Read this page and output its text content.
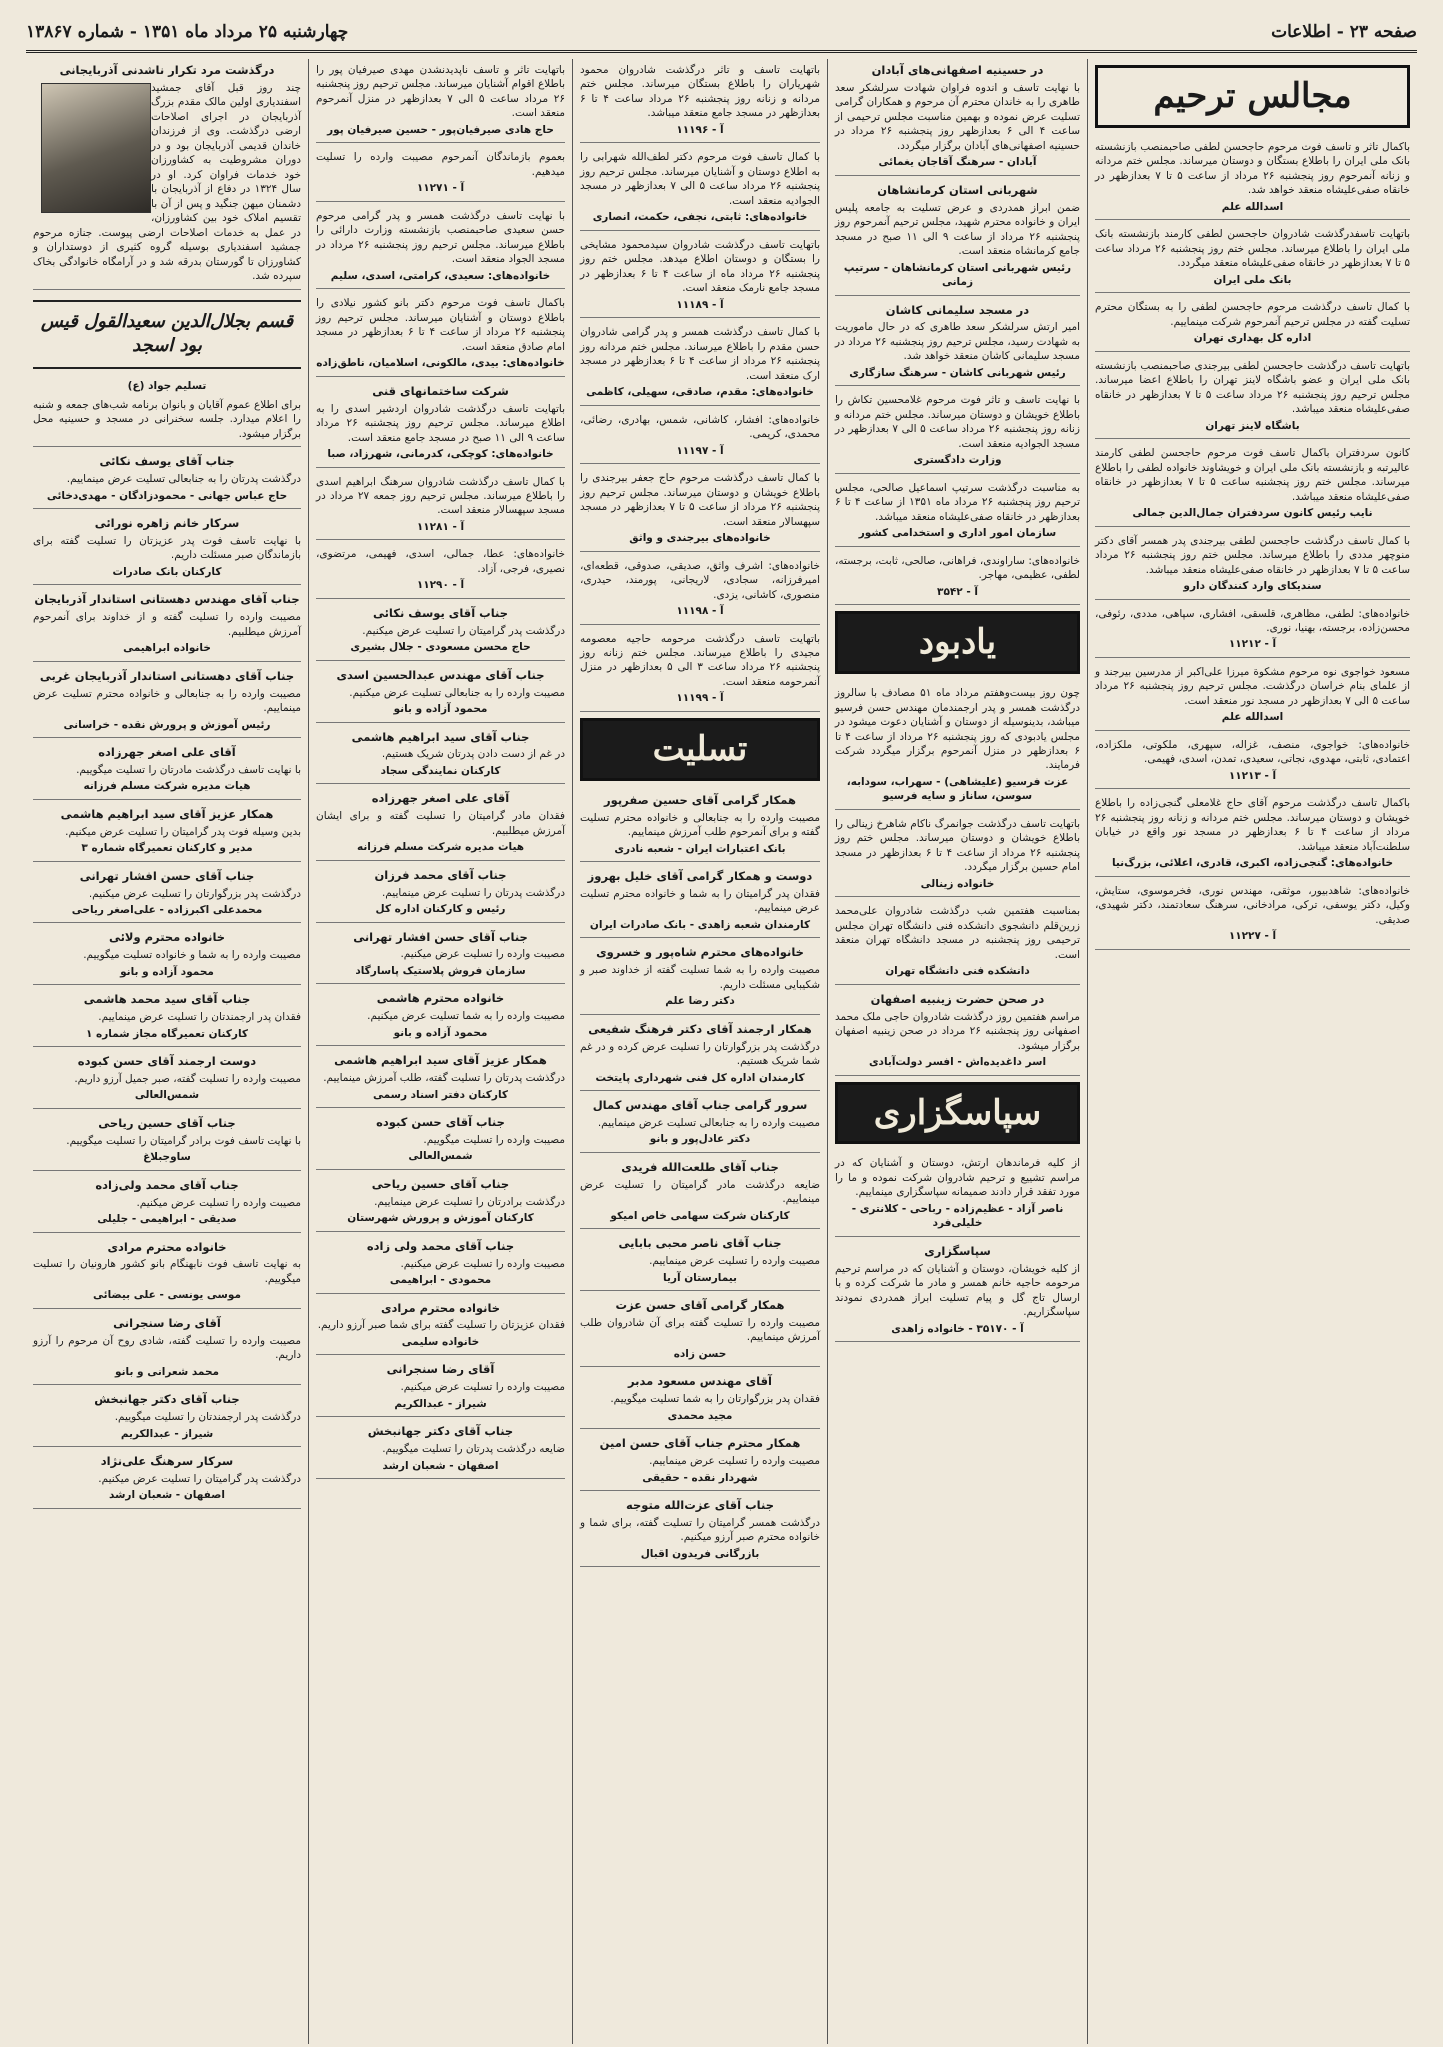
صفحه ۲۳ - اطلاعات
چهارشنبه ۲۵ مرداد ماه ۱۳۵۱ - شماره ۱۳۸۶۷
مجالس ترحیم

باکمال تاثر و تاسف فوت مرحوم حاجحسن لطفی صاحبمنصب بازنشسته بانک ملی ایران را باطلاع بستگان و دوستان میرساند. مجلس ختم مردانه و زنانه آنمرحوم روز پنجشنبه ۲۶ مرداد از ساعت ۵ تا ۷ بعدازظهر در خانقاه صفی‌علیشاه منعقد خواهد شد.

اسدالله علم

باتهایت تاسفدرگذشت شادروان حاجحسن لطفی کارمند بازنشسته بانک ملی ایران را باطلاع میرساند. مجلس ختم روز پنجشنبه ۲۶ مرداد ساعت ۵ تا ۷ بعدازظهر در خانقاه صفی‌علیشاه منعقد میگردد.

بانک ملی ایران

با کمال تاسف درگذشت مرحوم حاجحسن لطفی را به بستگان محترم تسلیت گفته در مجلس ترحیم آنمرحوم شرکت مینماییم.

اداره کل بهداری تهران

باتهایت تاسف درگذشت حاجحسن لطفی بیرجندی صاحبمنصب بازنشسته بانک ملی ایران و عضو باشگاه لاینز تهران را باطلاع اعضا میرساند. مجلس ترحیم روز پنجشنبه ۲۶ مرداد ساعت ۵ تا ۷ بعدازظهر در خانقاه صفی‌علیشاه منعقد میباشد.

باشگاه لاینز تهران

کانون سردفتران باکمال تاسف فوت مرحوم حاجحسن لطفی کارمند عالیرتبه و بازنشسته بانک ملی ایران و خویشاوند خانواده لطفی را باطلاع میرساند. مجلس ختم روز پنجشنبه ساعت ۵ تا ۷ بعدازظهر در خانقاه صفی‌علیشاه منعقد میباشد.

نایب رئیس کانون سردفتران جمال‌الدین جمالی

با کمال تاسف درگذشت حاجحسن لطفی بیرجندی پدر همسر آقای دکتر منوچهر مددی را باطلاع میرساند. مجلس ختم روز پنجشنبه ۲۶ مرداد ساعت ۵ تا ۷ بعدازظهر در خانقاه صفی‌علیشاه منعقد میباشد.

سندیکای وارد کنندگان دارو

خانواده‌های: لطفی، مظاهری، قلسقی، افشاری، سپاهی، مددی، رئوفی، محسن‌زاده، برجسته، بهنیا، نوری.

آ - ۱۱۲۱۲

مسعود خواجوی نوه مرحوم مشکوة میرزا علی‌اکبر از مدرسین بیرجند و از علمای بنام خراسان درگذشت. مجلس ترحیم روز پنجشنبه ۲۶ مرداد ساعت ۵ الی ۷ بعدازظهر در مسجد نور منعقد است.

اسدالله علم

خانواده‌های: خواجوی، منصف، غزاله، سپهری، ملکوتی، ملکزاده، اعتمادی، ثابتی، مهدوی، نجاتی، سعیدی، تمدن، اسدی، فهیمی.

آ - ۱۱۲۱۳

باکمال تاسف درگذشت مرحوم آقای حاج غلامعلی گنجی‌زاده را باطلاع خویشان و دوستان میرساند. مجلس ختم مردانه و زنانه روز پنجشنبه ۲۶ مرداد از ساعت ۴ تا ۶ بعدازظهر در مسجد نور واقع در خیابان سلطنت‌آباد منعقد میباشد.

خانواده‌های: گنجی‌زاده، اکبری، قادری، اعلائی، بزرگ‌نیا

خانواده‌های: شاهدبیور، موثقی، مهندس نوری، فخرموسوی، ستایش، وکیل، دکتر یوسفی، ترکی، مرادخانی، سرهنگ سعادتمند، دکتر شهیدی، صدیقی.

آ - ۱۱۲۲۷
در حسینیه اصفهانی‌های آبادان

با نهایت تاسف و اندوه فراوان شهادت سرلشکر سعد طاهری را به خاندان محترم آن مرحوم و همکاران گرامی تسلیت عرض نموده و بهمین مناسبت مجلس ترحیمی از ساعت ۴ الی ۶ بعدازظهر روز پنجشنبه ۲۶ مرداد در حسینیه اصفهانی‌های آبادان برگزار میگردد.

آبادان - سرهنگ آقاجان یغمائی
شهربانی استان کرمانشاهان

ضمن ابراز همدردی و عرض تسلیت به جامعه پلیس ایران و خانواده محترم شهید، مجلس ترحیم آنمرحوم روز پنجشنبه ۲۶ مرداد از ساعت ۹ الی ۱۱ صبح در مسجد جامع کرمانشاه منعقد است.

رئیس شهربانی استان کرمانشاهان - سرتیپ زمانی
در مسجد سلیمانی کاشان

امیر ارتش سرلشکر سعد طاهری که در حال ماموریت به شهادت رسید، مجلس ترحیم روز پنجشنبه ۲۶ مرداد در مسجد سلیمانی کاشان منعقد خواهد شد.

رئیس شهربانی کاشان - سرهنگ سازگاری

با نهایت تاسف و تاثر فوت مرحوم غلامحسین تکاش را باطلاع خویشان و دوستان میرساند. مجلس ختم مردانه و زنانه روز پنجشنبه ۲۶ مرداد ساعت ۵ الی ۷ بعدازظهر در مسجد الجوادیه منعقد است.

وزارت دادگستری

به مناسبت درگذشت سرتیپ اسماعیل صالحی، مجلس ترحیم روز پنجشنبه ۲۶ مرداد ماه ۱۳۵۱ از ساعت ۴ تا ۶ بعدازظهر در خانقاه صفی‌علیشاه منعقد میباشد.

سازمان امور اداری و استخدامی کشور

خانواده‌های: ساراوندی، فراهانی، صالحی، ثابت، برجسته، لطفی، عظیمی، مهاجر.

آ - ۳۵۴۲
یادبود

چون روز بیست‌وهفتم مرداد ماه ۵۱ مصادف با سالروز درگذشت همسر و پدر ارجمندمان مهندس حسن فرسیو میباشد، بدینوسیله از دوستان و آشنایان دعوت میشود در مجلس یادبودی که روز پنجشنبه ۲۶ مرداد از ساعت ۴ تا ۶ بعدازظهر در منزل آنمرحوم برگزار میگردد شرکت فرمایند.

عزت فرسیو (علیشاهی) - سهراب، سودابه، سوسن، ساناز و سایه فرسیو

باتهایت تاسف درگذشت جوانمرگ ناکام شاهرخ زینالی را باطلاع خویشان و دوستان میرساند. مجلس ختم روز پنجشنبه ۲۶ مرداد از ساعت ۴ تا ۶ بعدازظهر در مسجد امام حسین برگزار میگردد.

خانواده زینالی

بمناسبت هفتمین شب درگذشت شادروان علی‌محمد زرین‌قلم دانشجوی دانشکده فنی دانشگاه تهران مجلس ترحیمی روز پنجشنبه در مسجد دانشگاه تهران منعقد است.

دانشکده فنی دانشگاه تهران
در صحن حضرت زینبیه اصفهان

مراسم هفتمین روز درگذشت شادروان حاجی ملک محمد اصفهانی روز پنجشنبه ۲۶ مرداد در صحن زینبیه اصفهان برگزار میشود.

اسر داغدیده‌اش - افسر دولت‌آبادی
سپاسگزاری

از کلیه فرماندهان ارتش، دوستان و آشنایان که در مراسم تشییع و ترحیم شادروان شرکت نموده و ما را مورد تفقد قرار دادند صمیمانه سپاسگزاری مینماییم.

ناصر آزاد - عظیم‌زاده - رباحی - کلانتری - خلیلی‌فرد
سپاسگزاری

از کلیه خویشان، دوستان و آشنایان که در مراسم ترحیم مرحومه حاجیه خانم همسر و مادر ما شرکت کرده و با ارسال تاج گل و پیام تسلیت ابراز همدردی نمودند سپاسگزاریم.

آ - ۳۵۱۷۰ - خانواده زاهدی

باتهایت تاسف و تاثر درگذشت شادروان محمود شهریاران را باطلاع بستگان میرساند. مجلس ختم مردانه و زنانه روز پنجشنبه ۲۶ مرداد ساعت ۴ تا ۶ بعدازظهر در مسجد جامع منعقد میباشد.

آ - ۱۱۱۹۶

با کمال تاسف فوت مرحوم دکتر لطف‌الله شهرابی را به اطلاع دوستان و آشنایان میرساند. مجلس ترحیم روز پنجشنبه ۲۶ مرداد ساعت ۵ الی ۷ بعدازظهر در مسجد الجوادیه منعقد است.

خانواده‌های: ثابتی، نجفی، حکمت، انصاری

باتهایت تاسف درگذشت شادروان سیدمحمود مشایخی را بستگان و دوستان اطلاع میدهد. مجلس ختم روز پنجشنبه ۲۶ مرداد ماه از ساعت ۴ تا ۶ بعدازظهر در مسجد جامع نارمک منعقد است.

آ - ۱۱۱۸۹

با کمال تاسف درگذشت همسر و پدر گرامی شادروان حسن مقدم را باطلاع میرساند. مجلس ختم مردانه روز پنجشنبه ۲۶ مرداد از ساعت ۴ تا ۶ بعدازظهر در مسجد ارک منعقد است.

خانواده‌های: مقدم، صادقی، سهیلی، کاظمی

خانواده‌های: افشار، کاشانی، شمس، بهادری، رضائی، محمدی، کریمی.

آ - ۱۱۱۹۷

با کمال تاسف درگذشت مرحوم حاج جعفر بیرجندی را باطلاع خویشان و دوستان میرساند. مجلس ترحیم روز پنجشنبه ۲۶ مرداد از ساعت ۵ تا ۷ بعدازظهر در مسجد سپهسالار منعقد است.

خانواده‌های بیرجندی و واثق

خانواده‌های: اشرف واثق، صدیقی، صدوقی، قطعه‌ای، امیرفرزانه، سجادی، لاریجانی، پورمند، حیدری، منصوری، کاشانی، یزدی.

آ - ۱۱۱۹۸

باتهایت تاسف درگذشت مرحومه حاجیه معصومه مجیدی را باطلاع میرساند. مجلس ختم زنانه روز پنجشنبه ۲۶ مرداد ساعت ۳ الی ۵ بعدازظهر در منزل آنمرحومه منعقد است.

آ - ۱۱۱۹۹
تسلیت
همکار گرامی آقای حسین صفرپور

مصیبت وارده را به جنابعالی و خانواده محترم تسلیت گفته و برای آنمرحوم طلب آمرزش مینماییم.

بانک اعتبارات ایران - شعبه نادری
دوست و همکار گرامی آقای خلیل بهروز

فقدان پدر گرامیتان را به شما و خانواده محترم تسلیت عرض مینماییم.

کارمندان شعبه زاهدی - بانک صادرات ایران
خانواده‌های محترم شاه‌پور و خسروی

مصیبت وارده را به شما تسلیت گفته از خداوند صبر و شکیبایی مسئلت داریم.

دکتر رضا علم
همکار ارجمند آقای دکتر فرهنگ شفیعی

درگذشت پدر بزرگوارتان را تسلیت عرض کرده و در غم شما شریک هستیم.

کارمندان اداره کل فنی شهرداری پایتخت
سرور گرامی جناب آقای مهندس کمال

مصیبت وارده را به جنابعالی تسلیت عرض مینماییم.

دکتر عادل‌پور و بانو
جناب آقای طلعت‌الله فریدی

ضایعه درگذشت مادر گرامیتان را تسلیت عرض مینماییم.

کارکنان شرکت سهامی خاص امیکو
جناب آقای ناصر محبی بابایی

مصیبت وارده را تسلیت عرض مینماییم.

بیمارستان آریا
همکار گرامی آقای حسن عزت

مصیبت وارده را تسلیت گفته برای آن شادروان طلب آمرزش مینماییم.

حسن زاده
آقای مهندس مسعود مدبر

فقدان پدر بزرگوارتان را به شما تسلیت میگوییم.

مجید محمدی
همکار محترم جناب آقای حسن امین

مصیبت وارده را تسلیت عرض مینماییم.

شهردار نقده - حقیقی
جناب آقای عزت‌الله متوجه

درگذشت همسر گرامیتان را تسلیت گفته، برای شما و خانواده محترم صبر آرزو میکنیم.

بازرگانی فریدون اقبال

باتهایت تاثر و تاسف ناپدیدنشدن مهدی صیرفیان پور را باطلاع اقوام آشنایان میرساند. مجلس ترحیم روز پنجشنبه ۲۶ مرداد ساعت ۵ الی ۷ بعدازظهر در منزل آنمرحوم منعقد است.

حاج هادی صیرفیان‌پور - حسین صیرفیان پور

بعموم بازماندگان آنمرحوم مصیبت وارده را تسلیت میدهیم.

آ - ۱۱۲۷۱

با نهایت تاسف درگذشت همسر و پدر گرامی مرحوم حسن سعیدی صاحبمنصب بازنشسته وزارت دارائی را باطلاع میرساند. مجلس ترحیم روز پنجشنبه ۲۶ مرداد در مسجد الجواد منعقد است.

خانواده‌های: سعیدی، کرامتی، اسدی، سلیم

باکمال تاسف فوت مرحوم دکتر بانو کشور نیلادی را باطلاع دوستان و آشنایان میرساند. مجلس ترحیم روز پنجشنبه ۲۶ مرداد از ساعت ۴ تا ۶ بعدازظهر در مسجد امام صادق منعقد است.

خانواده‌های: بیدی، مالکونی، اسلامیان، ناطق‌زاده
شرکت ساختمانهای قنی

باتهایت تاسف درگذشت شادروان اردشیر اسدی را به اطلاع میرساند. مجلس ترحیم روز پنجشنبه ۲۶ مرداد ساعت ۹ الی ۱۱ صبح در مسجد جامع منعقد است.

خانواده‌های: کوچکی، کدرمانی، شهرزاد، صبا

با کمال تاسف درگذشت شادروان سرهنگ ابراهیم اسدی را باطلاع میرساند. مجلس ترحیم روز جمعه ۲۷ مرداد در مسجد سپهسالار منعقد است.

آ - ۱۱۲۸۱

خانواده‌های: عطا، جمالی، اسدی، فهیمی، مرتضوی، نصیری، فرجی، آزاد.

آ - ۱۱۲۹۰
جناب آقای یوسف نکائی

درگذشت پدر گرامیتان را تسلیت عرض میکنیم.

حاج محسن مسعودی - جلال بشیری
جناب آقای مهندس عبدالحسین اسدی

مصیبت وارده را به جنابعالی تسلیت عرض میکنیم.

محمود آزاده و بانو
جناب آقای سید ابراهیم هاشمی

در غم از دست دادن پدرتان شریک هستیم.

کارکنان نمایندگی سجاد
آقای علی اصغر جهرزاده

فقدان مادر گرامیتان را تسلیت گفته و برای ایشان آمرزش میطلبیم.

هیات مدیره شرکت مسلم فرزانه
جناب آقای محمد فرزان

درگذشت پدرتان را تسلیت عرض مینماییم.

رئیس و کارکنان اداره کل
جناب آقای حسن افشار تهرانی

مصیبت وارده را تسلیت عرض میکنیم.

سازمان فروش پلاستیک پاسارگاد
خانواده محترم هاشمی

مصیبت وارده را به شما تسلیت عرض میکنیم.

محمود آزاده و بانو
همکار عزیز آقای سید ابراهیم هاشمی

درگذشت پدرتان را تسلیت گفته، طلب آمرزش مینماییم.

کارکنان دفتر اسناد رسمی
جناب آقای حسن کبوده

مصیبت وارده را تسلیت میگوییم.

شمس‌العالی
جناب آقای حسین ریاحی

درگذشت برادرتان را تسلیت عرض مینماییم.

کارکنان آموزش و پرورش شهرستان
جناب آقای محمد ولی زاده

مصیبت وارده را تسلیت عرض میکنیم.

محمودی - ابراهیمی
خانواده محترم مرادی

فقدان عزیزتان را تسلیت گفته برای شما صبر آرزو داریم.

خانواده سلیمی
آقای رضا سنجرانی

مصیبت وارده را تسلیت عرض میکنیم.

شیراز - عبدالکریم
جناب آقای دکتر جهانبخش

ضایعه درگذشت پدرتان را تسلیت میگوییم.

اصفهان - شعبان ارشد
درگذشت مرد تکرار ناشدنی آذربایجانی

چند روز قبل آقای جمشید اسفندیاری اولین مالک مقدم بزرگ آذربایجان در اجرای اصلاحات ارضی درگذشت. وی از فرزندان خاندان قدیمی آذربایجان بود و در دوران مشروطیت به کشاورزان خود خدمات فراوان کرد. او در سال ۱۳۲۴ در دفاع از آذربایجان با دشمنان میهن جنگید و پس از آن با تقسیم املاک خود بین کشاورزان، در عمل به خدمات اصلاحات ارضی پیوست. جنازه مرحوم جمشید اسفندیاری بوسیله گروه کثیری از دوستداران و کشاورزان تا گورستان بدرقه شد و در آرامگاه خانوادگی بخاک سپرده شد.

قسم بجلال‌الدین سعید‌القول قیس بود اسجد
تسلیم جواد (ع)

برای اطلاع عموم آقایان و بانوان برنامه شب‌های جمعه و شنبه را اعلام میدارد. جلسه سخنرانی در مسجد و حسینیه محل برگزار میشود.

جناب آقای یوسف نکائی

درگذشت پدرتان را به جنابعالی تسلیت عرض مینماییم.

حاج عباس جهانی - محمودزادگان - مهدی‌دخائی
سرکار خانم زاهره نورائی

با نهایت تاسف فوت پدر عزیزتان را تسلیت گفته برای بازماندگان صبر مسئلت داریم.

کارکنان بانک صادرات
جناب آقای مهندس دهستانی استاندار آذربایجان

مصیبت وارده را تسلیت گفته و از خداوند برای آنمرحوم آمرزش میطلبیم.

خانواده ابراهیمی
جناب آقای دهستانی استاندار آذربایجان غربی

مصیبت وارده را به جنابعالی و خانواده محترم تسلیت عرض مینماییم.

رئیس آموزش و پرورش نقده - خراسانی
آقای علی اصغر جهرزاده

با نهایت تاسف درگذشت مادرتان را تسلیت میگوییم.

هیات مدیره شرکت مسلم فرزانه
همکار عزیز آقای سید ابراهیم هاشمی

بدین وسیله فوت پدر گرامیتان را تسلیت عرض میکنیم.

مدیر و کارکنان تعمیرگاه شماره ۳
جناب آقای حسن افشار تهرانی

درگذشت پدر بزرگوارتان را تسلیت عرض میکنیم.

محمدعلی اکبرزاده - علی‌اصغر ریاحی
خانواده محترم ولائی

مصیبت وارده را به شما و خانواده تسلیت میگوییم.

محمود آزاده و بانو
جناب آقای سید محمد هاشمی

فقدان پدر ارجمندتان را تسلیت عرض مینماییم.

کارکنان تعمیرگاه مجاز شماره ۱
دوست ارجمند آقای حسن کبوده

مصیبت وارده را تسلیت گفته، صبر جمیل آرزو داریم.

شمس‌العالی
جناب آقای حسین ریاحی

با نهایت تاسف فوت برادر گرامیتان را تسلیت میگوییم.

ساوجبلاغ
جناب آقای محمد ولی‌زاده

مصیبت وارده را تسلیت عرض میکنیم.

صدیقی - ابراهیمی - جلیلی
خانواده محترم مرادی

به نهایت تاسف فوت نابهنگام بانو کشور هارونیان را تسلیت میگوییم.

موسی یونسی - علی بیضائی
آقای رضا سنجرانی

مصیبت وارده را تسلیت گفته، شادی روح آن مرحوم را آرزو داریم.

محمد شعرانی و بانو
جناب آقای دکتر جهانبخش

درگذشت پدر ارجمندتان را تسلیت میگوییم.

شیراز - عبدالکریم
سرکار سرهنگ علی‌نژاد

درگذشت پدر گرامیتان را تسلیت عرض میکنیم.

اصفهان - شعبان ارشد
